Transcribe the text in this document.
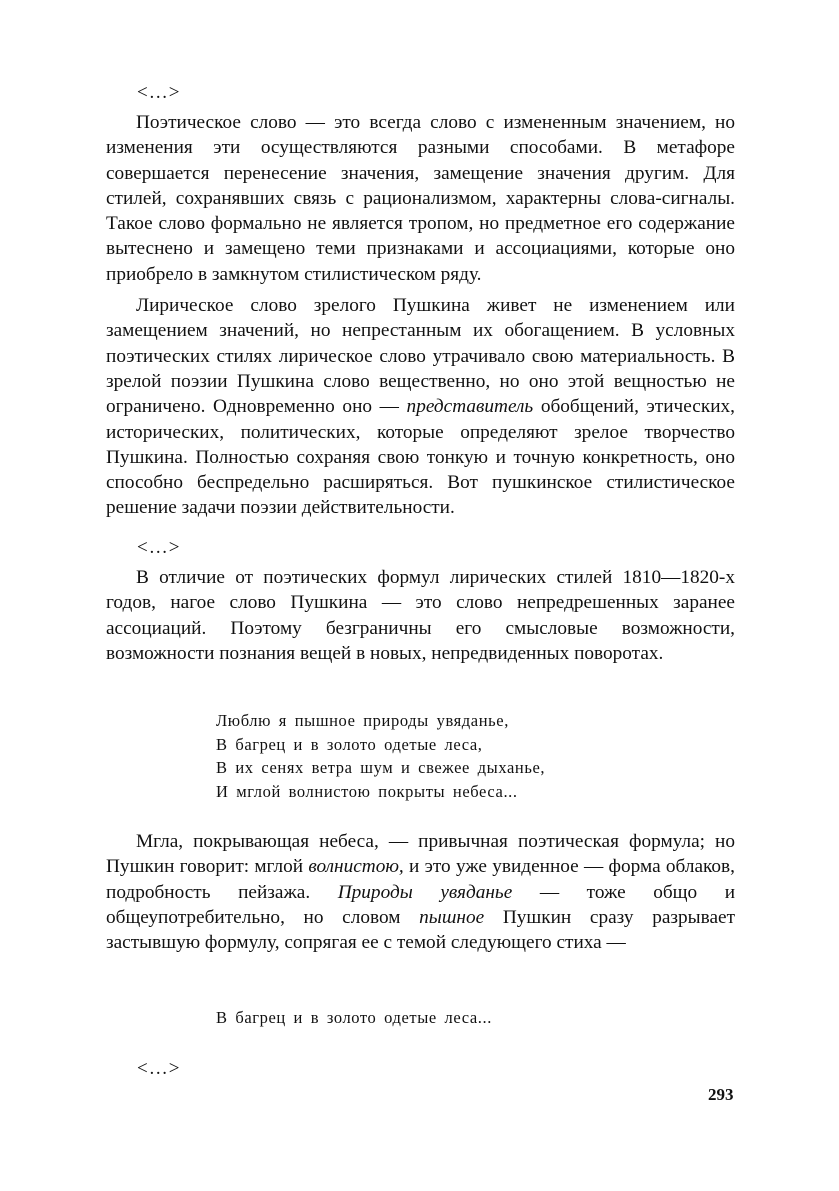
<…>

Поэтическое слово — это всегда слово с измененным значением, но изменения эти осуществляются разными способами. В метафоре совершается перенесение значения, замещение значения другим. Для стилей, сохранявших связь с рационализмом, характерны слова-сигналы. Такое слово формально не является тропом, но предметное его содержание вытеснено и замещено теми признаками и ассоциациями, которые оно приобрело в замкнутом стилистическом ряду.

Лирическое слово зрелого Пушкина живет не изменением или замещением значений, но непрестанным их обогащением. В условных поэтических стилях лирическое слово утрачивало свою материальность. В зрелой поэзии Пушкина слово вещественно, но оно этой вещностью не ограничено. Одновременно оно — представитель обобщений, этических, исторических, политических, которые определяют зрелое творчество Пушкина. Полностью сохраняя свою тонкую и точную конкретность, оно способно беспредельно расширяться. Вот пушкинское стилистическое решение задачи поэзии действительности.

<…>

В отличие от поэтических формул лирических стилей 1810—1820-х годов, нагое слово Пушкина — это слово непредрешенных заранее ассоциаций. Поэтому безграничны его смысловые возможности, возможности познания вещей в новых, непредвиденных поворотах.

Люблю я пышное природы увяданье,
В багрец и в золото одетые леса,
В их сенях ветра шум и свежее дыханье,
И мглой волнистою покрыты небеса...

Мгла, покрывающая небеса, — привычная поэтическая формула; но Пушкин говорит: мглой волнистою, и это уже увиденное — форма облаков, подробность пейзажа. Природы увяданье — тоже общо и общеупотребительно, но словом пышное Пушкин сразу разрывает застывшую формулу, сопрягая ее с темой следующего стиха —

В багрец и в золото одетые леса...
<…>
293
